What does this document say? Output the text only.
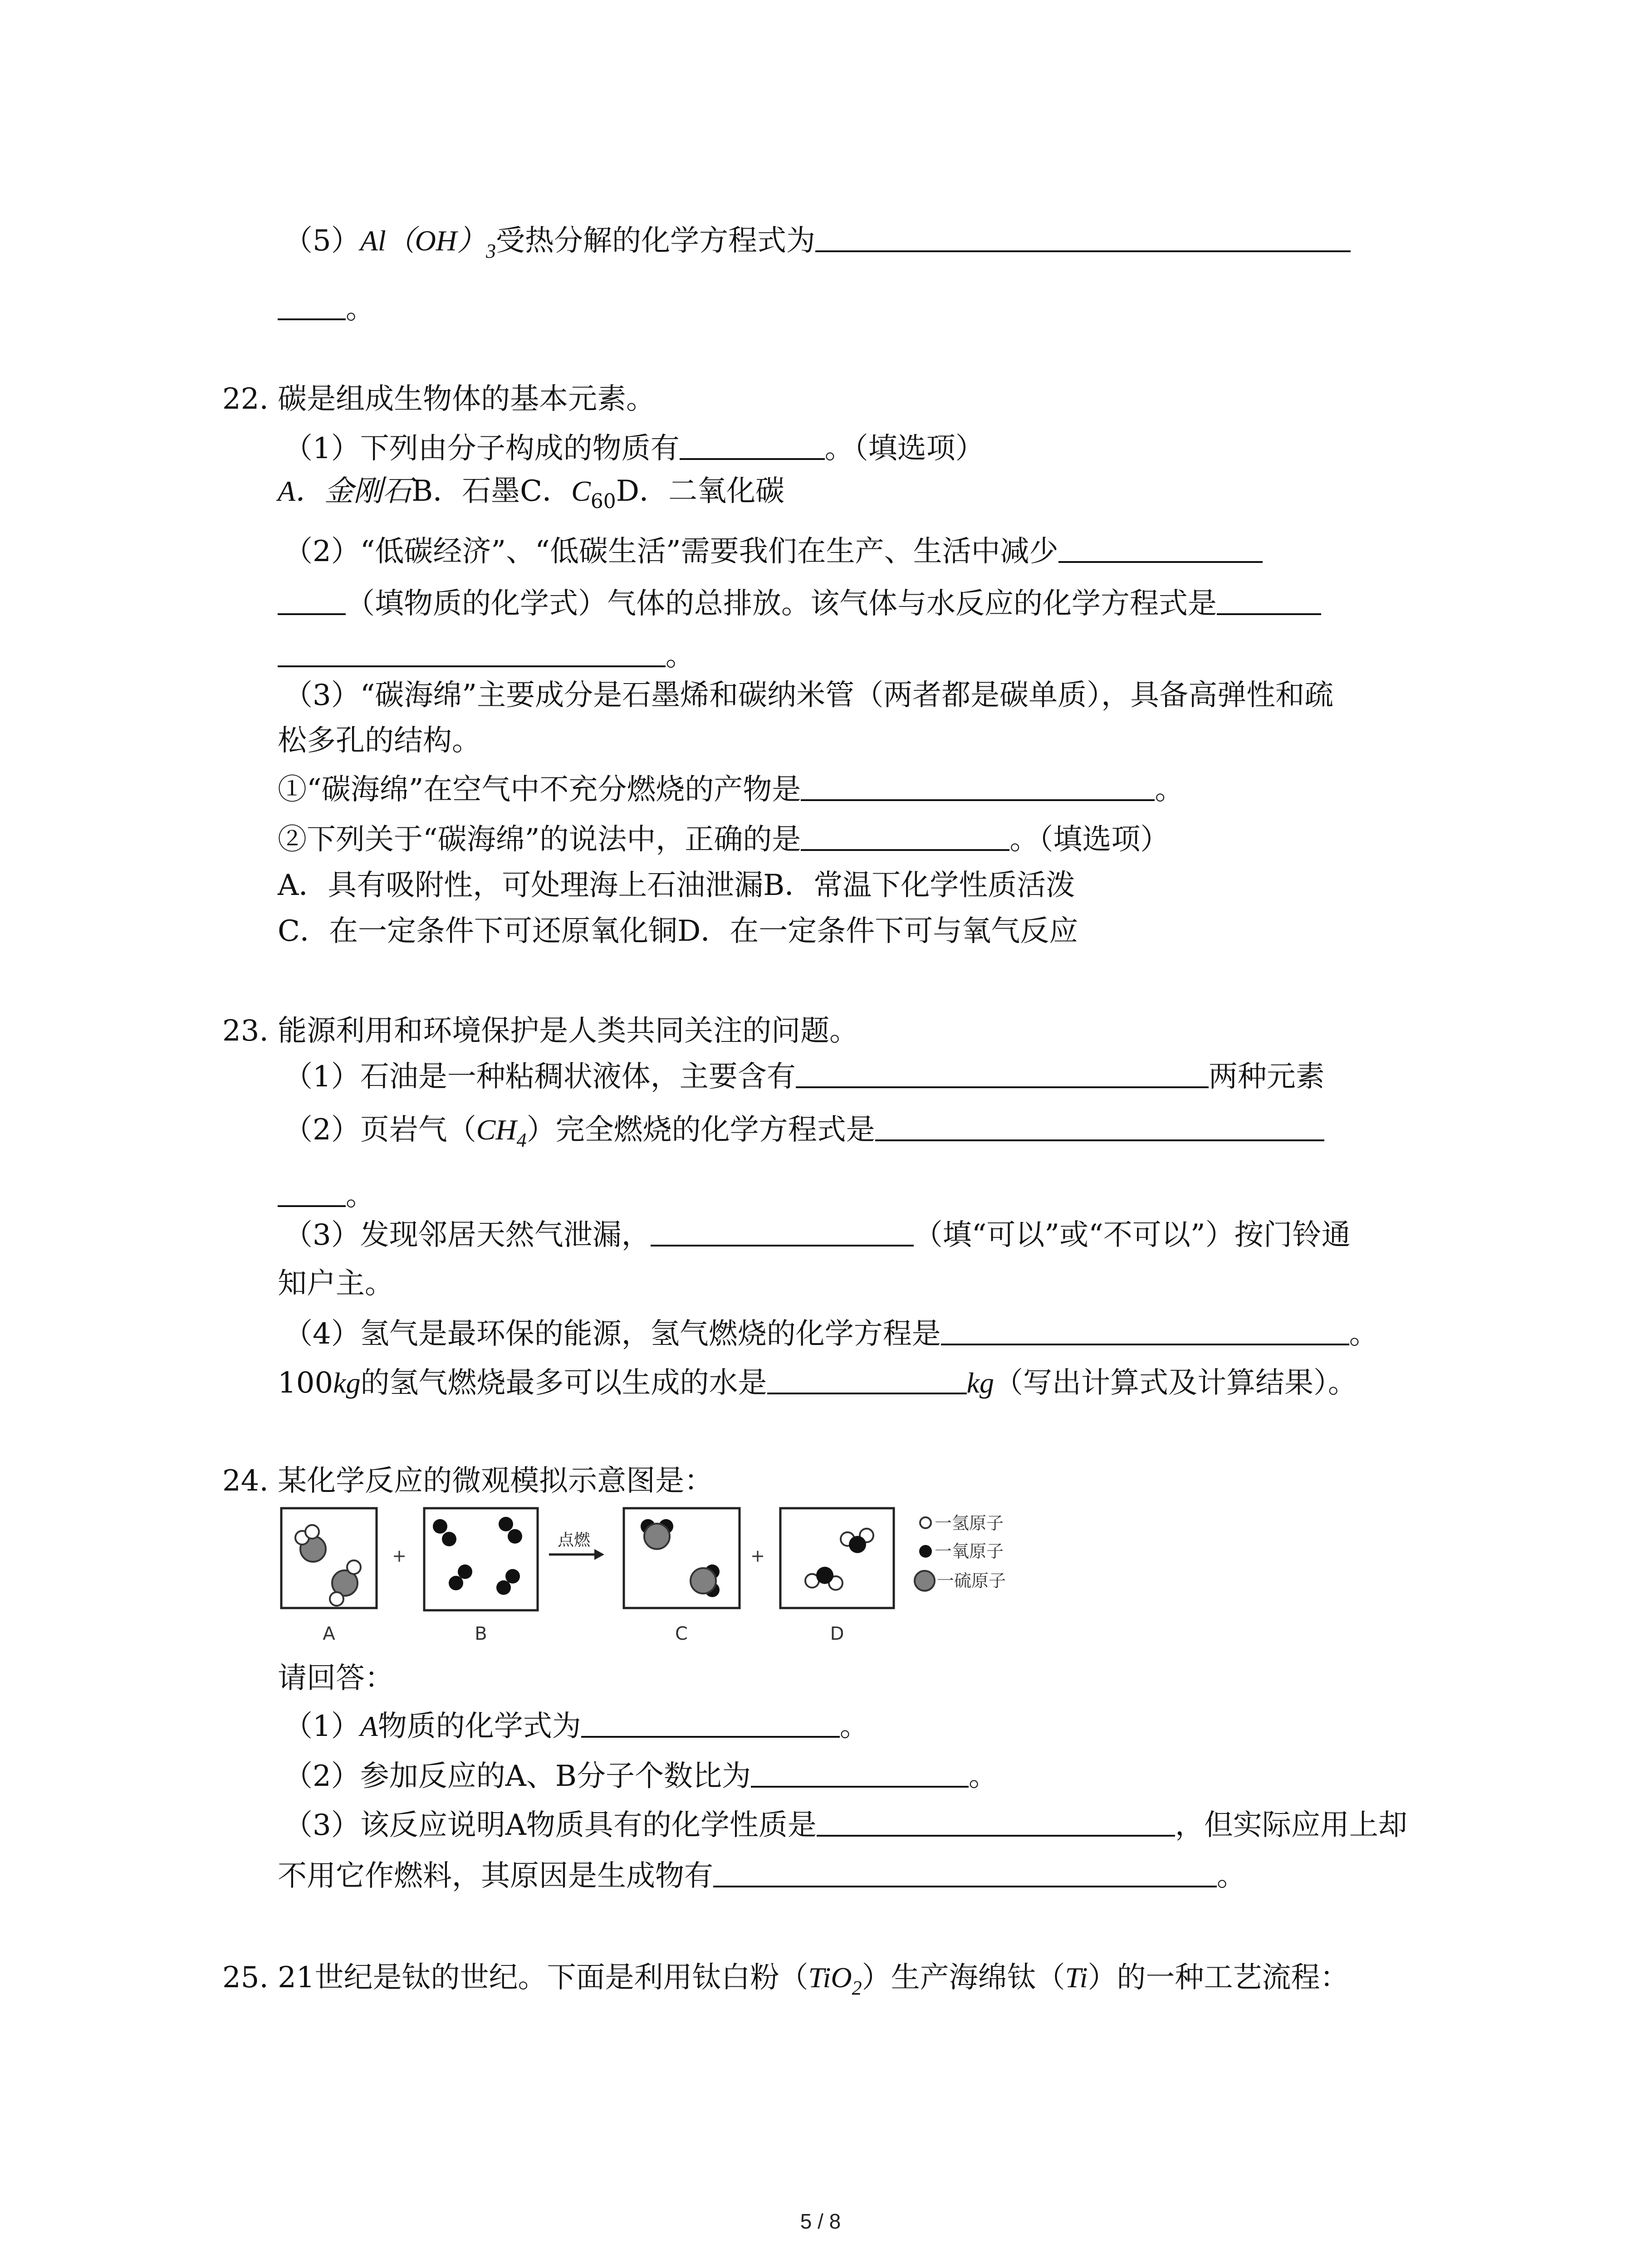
$(5)Al(OH)_3$受热分解的化学方程式为
。
22. 碳是组成生物体的基本元素。
（1）下列由分子构成的物质有	。（填选项）
A．金刚石B．石墨C．$C_{60}D$．二氧化碳
（2）“低碳经济”、“低碳生活”需要我们在生产、生活中减少
（填物质的化学式）气体的总排放。该气体与水反应的化学方程式是
。
（3）“碳海绵”主要成分是石墨烯和碳纳米管（两者都是碳单质），具备高弹性和疏
松多孔的结构。
①“碳海绵”在空气中不充分燃烧的产物是	。
②下列关于“碳海绵”的说法中，正确的是	。（填选项）
A．具有吸附性，可处理海上石油泄漏B．常温下化学性质活泼
C．在一定条件下可还原氧化铜D．在一定条件下可与氧气反应
23. 能源利用和环境保护是人类共同关注的问题。
（1）石油是一种粘稠状液体，主要含有	两种元素
（2）页岩气$(CH_4)$完全燃烧的化学方程式是
。
（3）发现邻居天然气泄漏，	（填“可以”或“不可以”）按门铃通
知户主。
（4）氢气是最环保的能源，氢气燃烧的化学方程是	。
100kg的氢气燃烧最多可以生成的水是	kg（写出计算式及计算结果）。
24. 某化学反应的微观模拟示意图是：
A
+
B
点燃
C
+
D
一氢原子
一氧原子
一硫原子
请回答：
（1）A物质的化学式为	。
（2）参加反应的A、B分子个数比为	。
（3）该反应说明A物质具有的化学性质是	，但实际应用上却
不用它作燃料，其原因是生成物有	。
25. 21世纪是钛的世纪。下面是利用钛白粉（TiO$_2$）生产海绵钛（Ti）的一种工艺流程：
5 / 8
